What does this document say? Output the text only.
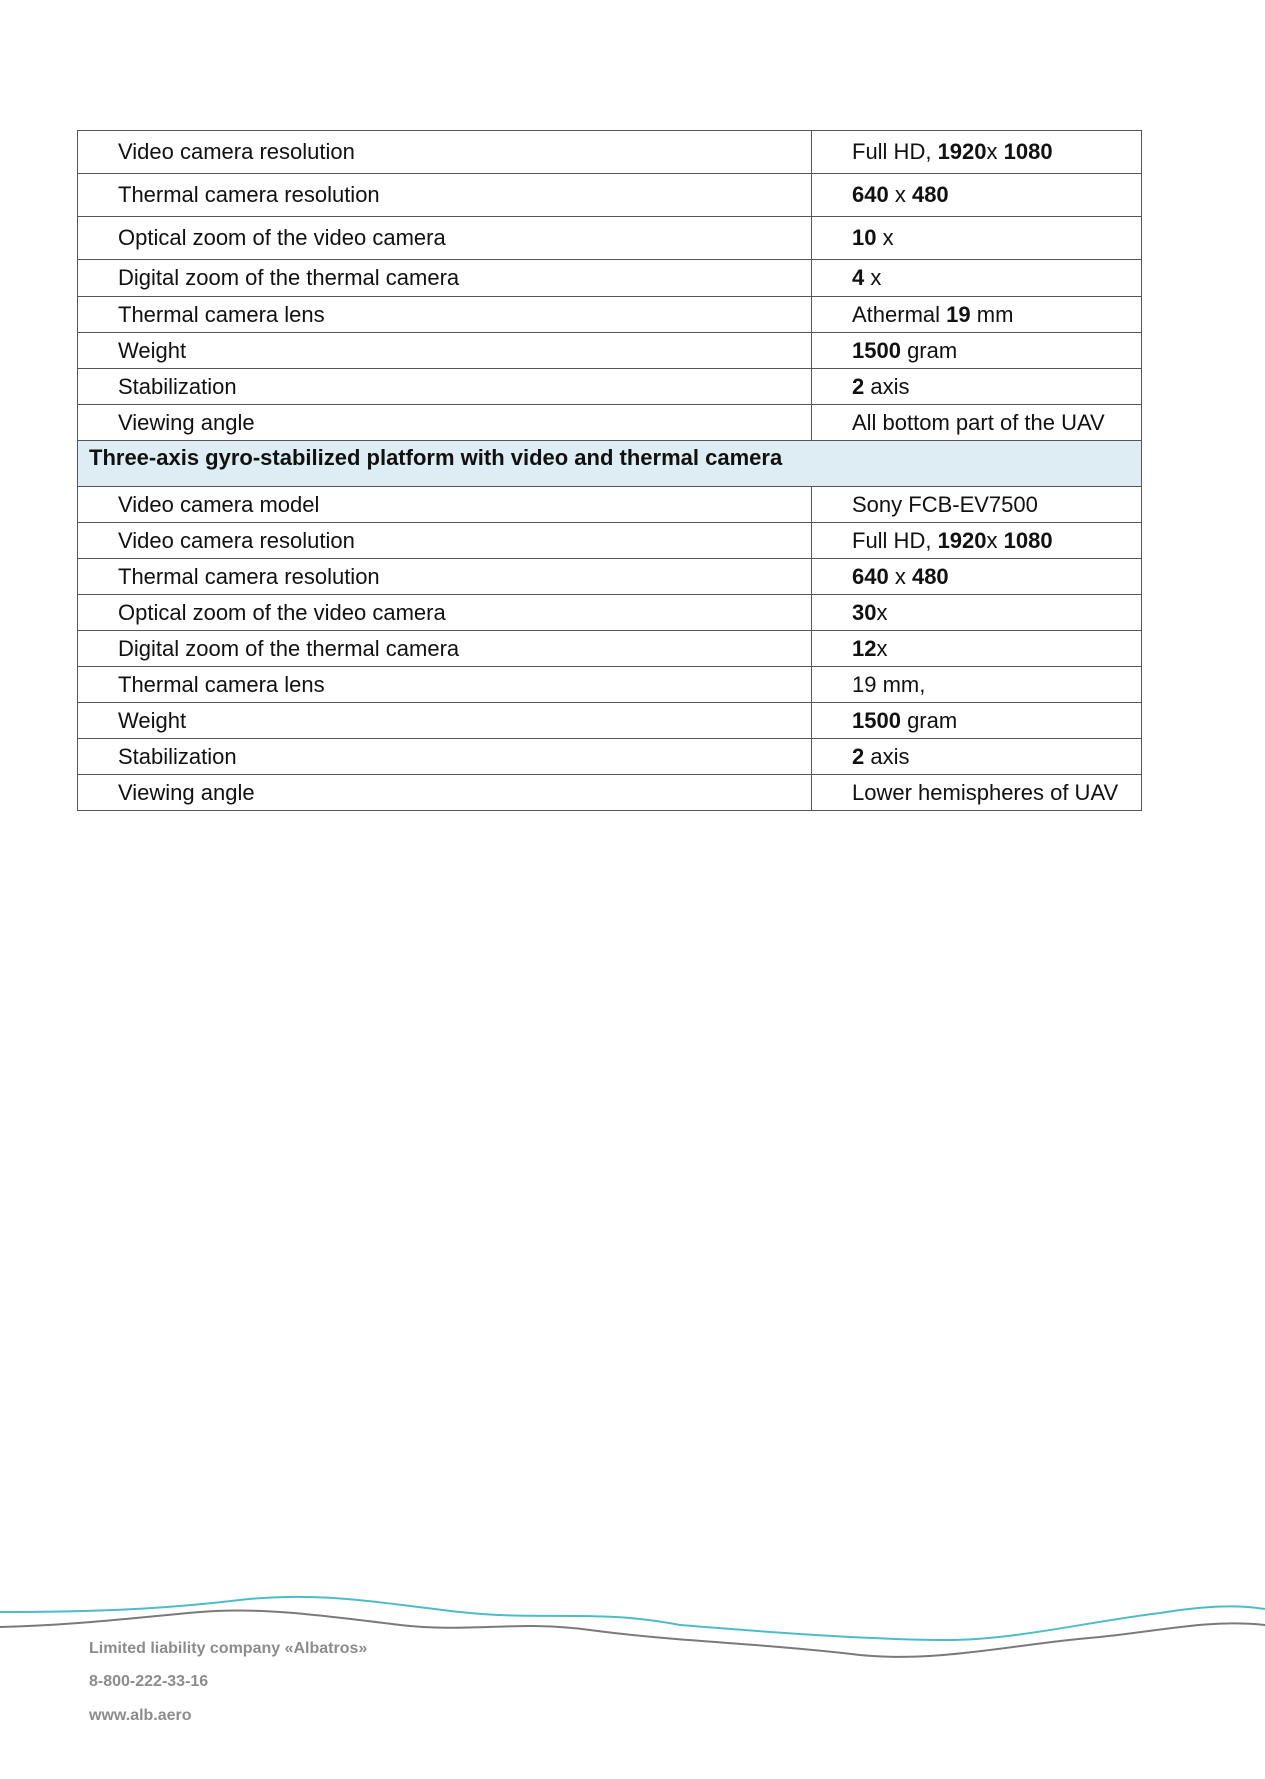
Video camera resolution	Full HD, 1920x 1080
Thermal camera resolution	640 x 480
Optical zoom of the video camera	10 x
Digital zoom of the thermal camera	4 x
Thermal camera lens	Athermal 19 mm
Weight	1500 gram
Stabilization	2 axis
Viewing angle	All bottom part of the UAV
Three-axis gyro-stabilized platform with video and thermal camera	
Video camera model	Sony FCB-EV7500
Video camera resolution	Full HD, 1920x 1080
Thermal camera resolution	640 x 480
Optical zoom of the video camera	30x
Digital zoom of the thermal camera	12x
Thermal camera lens	19 mm,
Weight	1500 gram
Stabilization	2 axis
Viewing angle	Lower hemispheres of UAV
Limited liability company «Albatros»
8-800-222-33-16
www.alb.aero
